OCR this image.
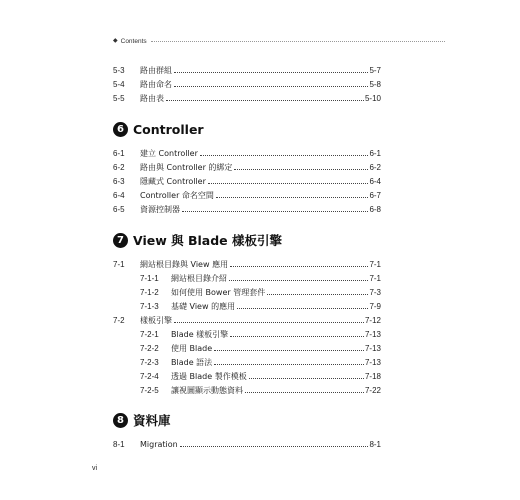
◆ Contents
5-3	路由群組	5-7
5-4	路由命名	5-8
5-5	路由表	5-10
6 Controller
6-1	建立 Controller	6-1
6-2	路由與 Controller 的綁定	6-2
6-3	隱藏式 Controller	6-4
6-4	Controller 命名空間	6-7
6-5	資源控制器	6-8
7 View 與 Blade 樣板引擎
7-1	網站根目錄與 View 應用	7-1
7-1-1	網站根目錄介紹	7-1
7-1-2	如何使用 Bower 管理套件	7-3
7-1-3	基礎 View 的應用	7-9
7-2	樣板引擎	7-12
7-2-1	Blade 樣板引擎	7-13
7-2-2	使用 Blade	7-13
7-2-3	Blade 語法	7-13
7-2-4	透過 Blade 製作模板	7-18
7-2-5	讓視圖顯示動態資料	7-22
8 資料庫
8-1	Migration	8-1
vi
